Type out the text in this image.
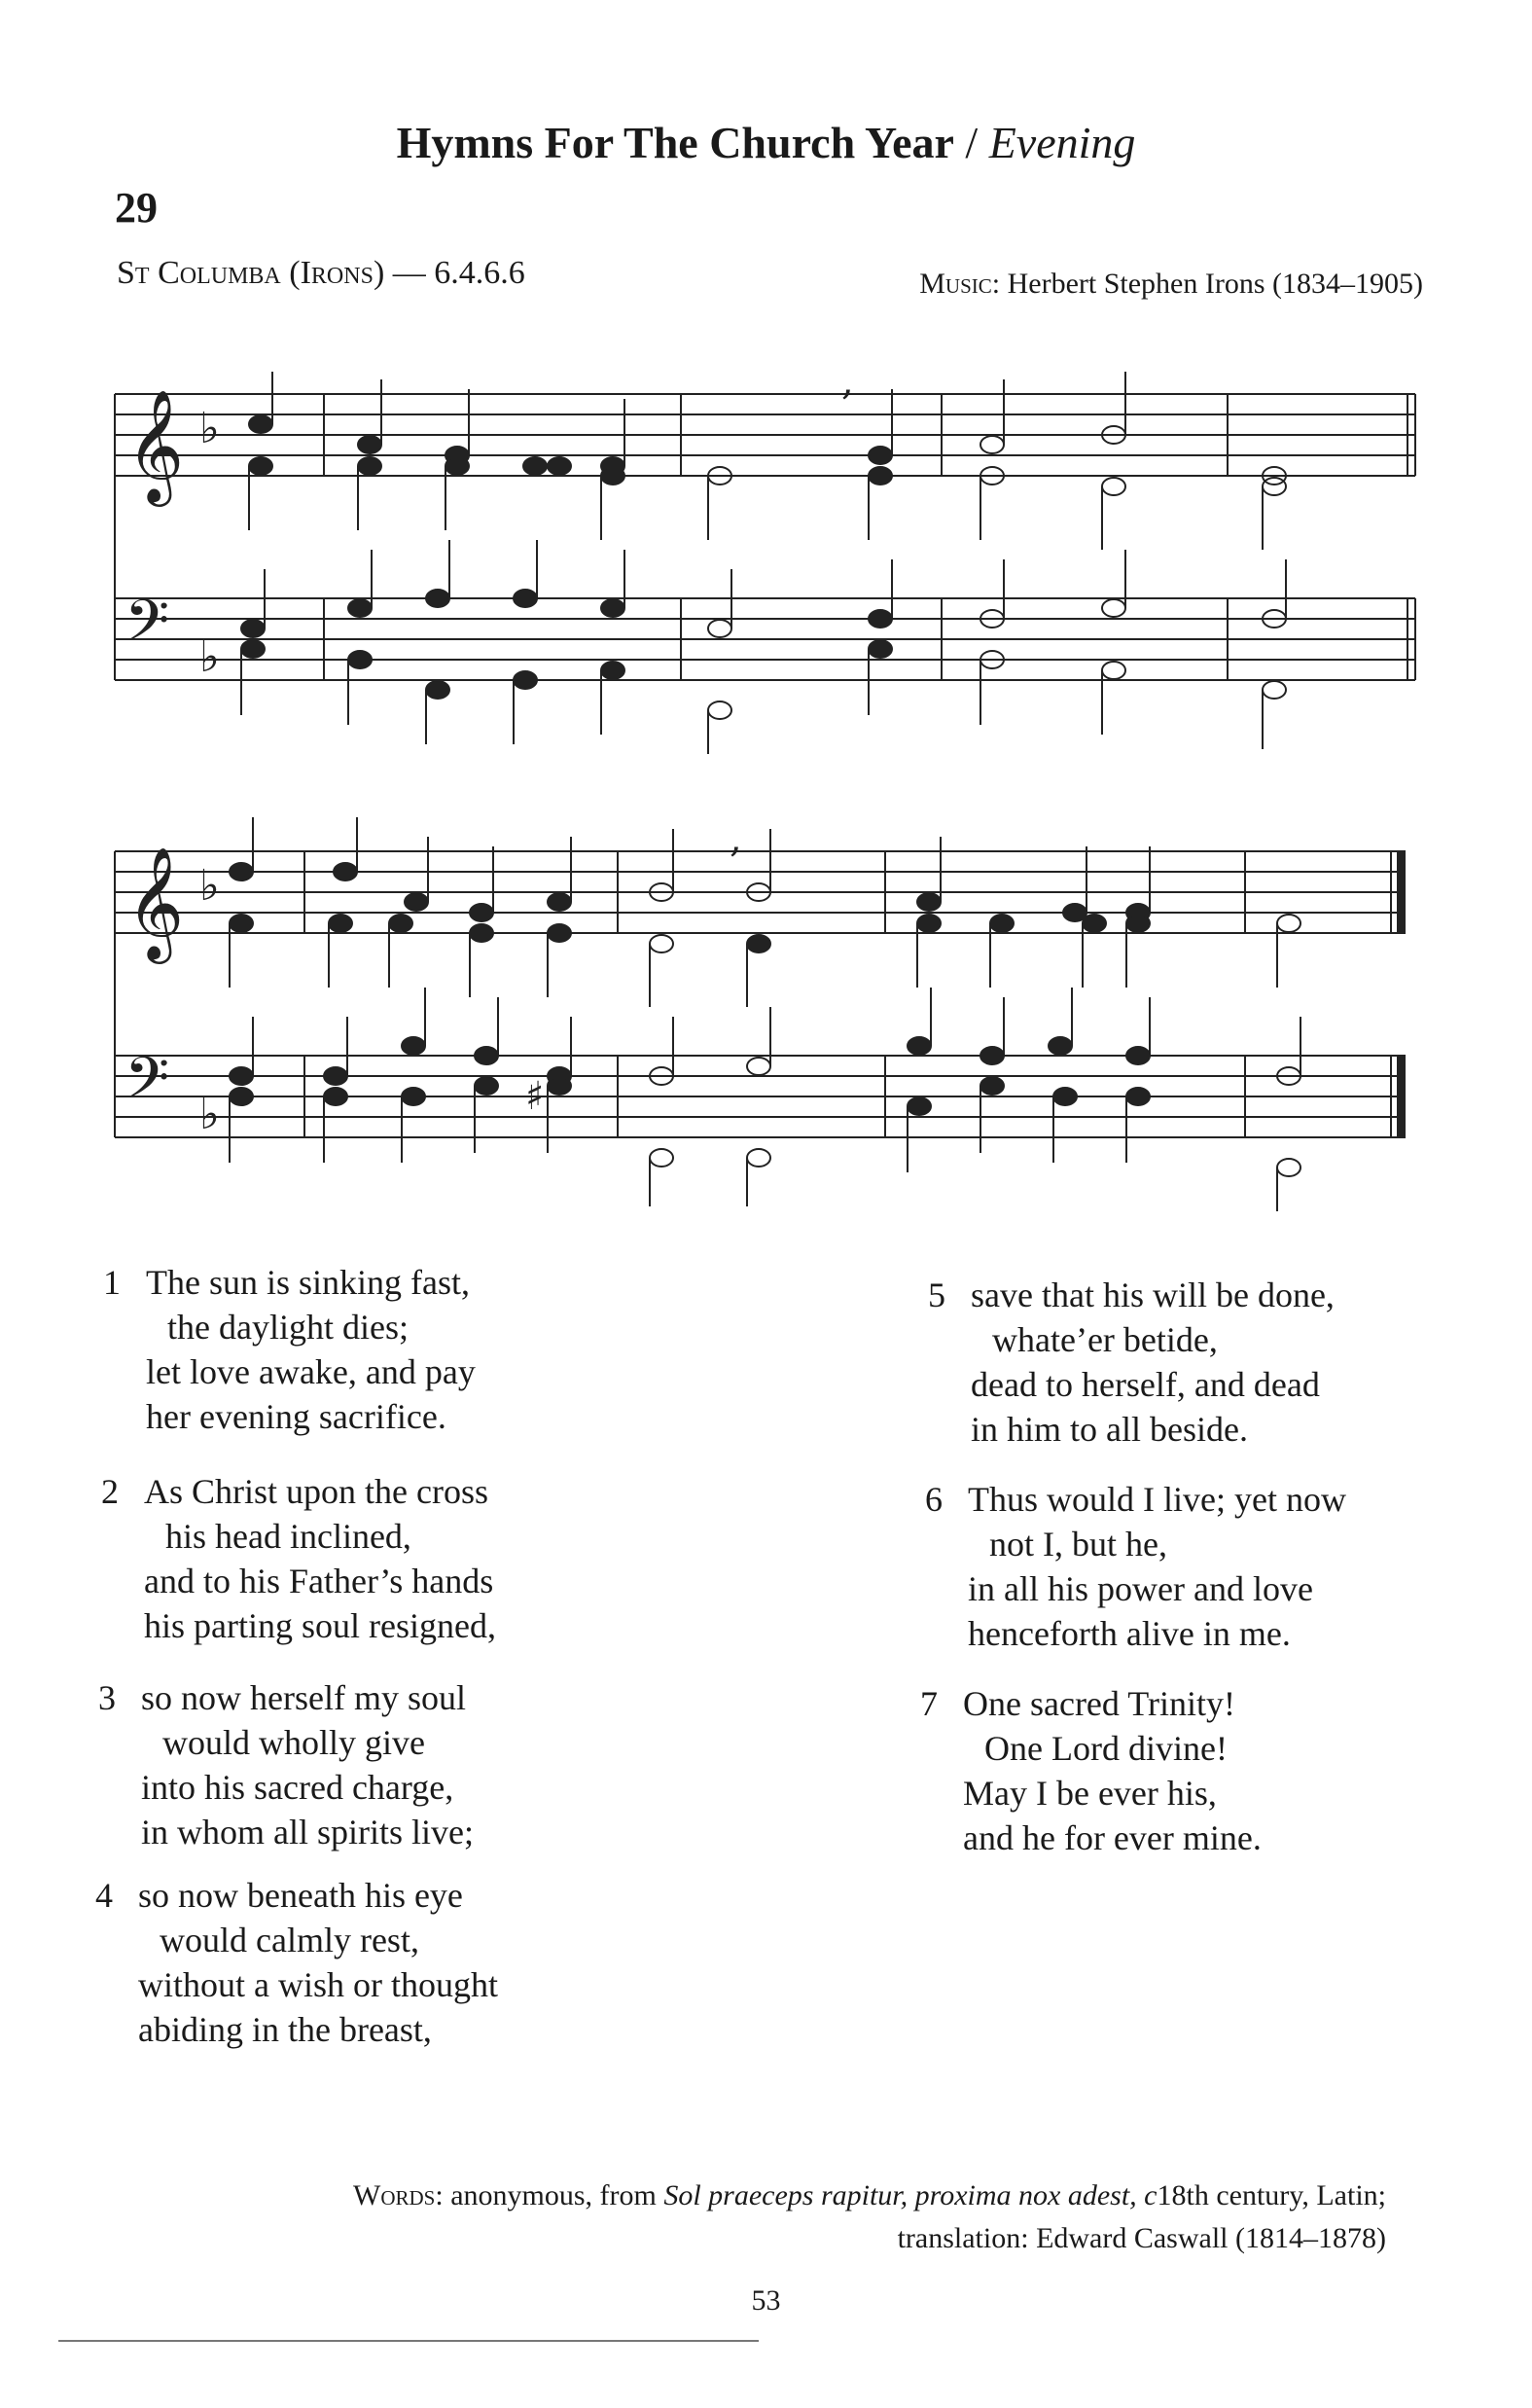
Hymns For The Church Year / Evening
29
St Columba (Irons) — 6.4.6.6	Music: Herbert Stephen Irons (1834–1905)
𝄞 ♭
𝄢 ♭
,
𝄞 ♭
𝄢 ♭
,
♯
1 The sun is sinking fast,
the daylight dies;
let love awake, and pay
her evening sacrifice.
2 As Christ upon the cross
his head inclined,
and to his Father’s hands
his parting soul resigned,
3 so now herself my soul
would wholly give
into his sacred charge,
in whom all spirits live;
4 so now beneath his eye
would calmly rest,
without a wish or thought
abiding in the breast,
5 save that his will be done,
whate’er betide,
dead to herself, and dead
in him to all beside.
6 Thus would I live; yet now
not I, but he,
in all his power and love
henceforth alive in me.
7 One sacred Trinity!
One Lord divine!
May I be ever his,
and he for ever mine.
Words: anonymous, from Sol praeceps rapitur, proxima nox adest, c18th century, Latin;
translation: Edward Caswall (1814–1878)
53
